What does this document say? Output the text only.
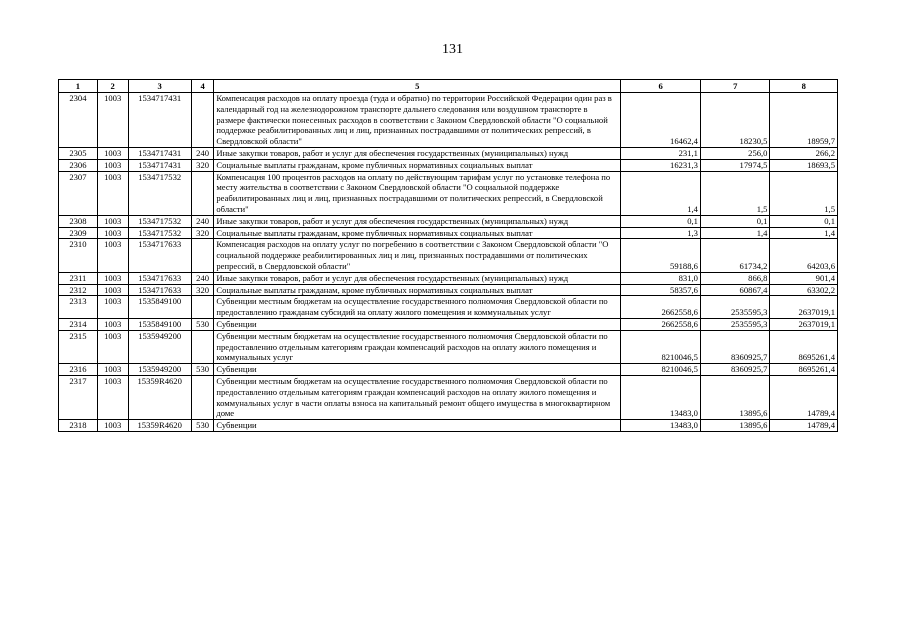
131
1	2	3	4	5	6	7	8
2304	1003	1534717431		Компенсация расходов на оплату проезда (туда и обратно) по территории Российской Федерации один раз в календарный год на железнодорожном транспорте дальнего следования или воздушном транспорте в размере фактически понесенных расходов в соответствии с Законом Свердловской области "О социальной поддержке реабилитированных лиц и лиц, признанных пострадавшими от политических репрессий, в Свердловской области"	16462,4	18230,5	18959,7
2305	1003	1534717431	240	Иные закупки товаров, работ и услуг для обеспечения государственных (муниципальных) нужд	231,1	256,0	266,2
2306	1003	1534717431	320	Социальные выплаты гражданам, кроме публичных нормативных социальных выплат	16231,3	17974,5	18693,5
2307	1003	1534717532		Компенсация 100 процентов расходов на оплату по действующим тарифам услуг по установке телефона по месту жительства в соответствии с Законом Свердловской области "О социальной поддержке реабилитированных лиц и лиц, признанных пострадавшими от политических репрессий, в Свердловской области"	1,4	1,5	1,5
2308	1003	1534717532	240	Иные закупки товаров, работ и услуг для обеспечения государственных (муниципальных) нужд	0,1	0,1	0,1
2309	1003	1534717532	320	Социальные выплаты гражданам, кроме публичных нормативных социальных выплат	1,3	1,4	1,4
2310	1003	1534717633		Компенсация расходов на оплату услуг по погребению в соответствии с Законом Свердловской области "О социальной поддержке реабилитированных лиц и лиц, признанных пострадавшими от политических репрессий, в Свердловской области"	59188,6	61734,2	64203,6
2311	1003	1534717633	240	Иные закупки товаров, работ и услуг для обеспечения государственных (муниципальных) нужд	831,0	866,8	901,4
2312	1003	1534717633	320	Социальные выплаты гражданам, кроме публичных нормативных социальных выплат	58357,6	60867,4	63302,2
2313	1003	1535849100		Субвенции местным бюджетам на осуществление государственного полномочия Свердловской области по предоставлению гражданам субсидий на оплату жилого помещения и коммунальных услуг	2662558,6	2535595,3	2637019,1
2314	1003	1535849100	530	Субвенции	2662558,6	2535595,3	2637019,1
2315	1003	1535949200		Субвенции местным бюджетам на осуществление государственного полномочия Свердловской области по предоставлению отдельным категориям граждан компенсаций расходов на оплату жилого помещения и коммунальных услуг	8210046,5	8360925,7	8695261,4
2316	1003	1535949200	530	Субвенции	8210046,5	8360925,7	8695261,4
2317	1003	15359R4620		Субвенции местным бюджетам на осуществление государственного полномочия Свердловской области по предоставлению отдельным категориям граждан компенсаций расходов на оплату жилого помещения и коммунальных услуг в части оплаты взноса на капитальный ремонт общего имущества в многоквартирном доме	13483,0	13895,6	14789,4
2318	1003	15359R4620	530	Субвенции	13483,0	13895,6	14789,4
